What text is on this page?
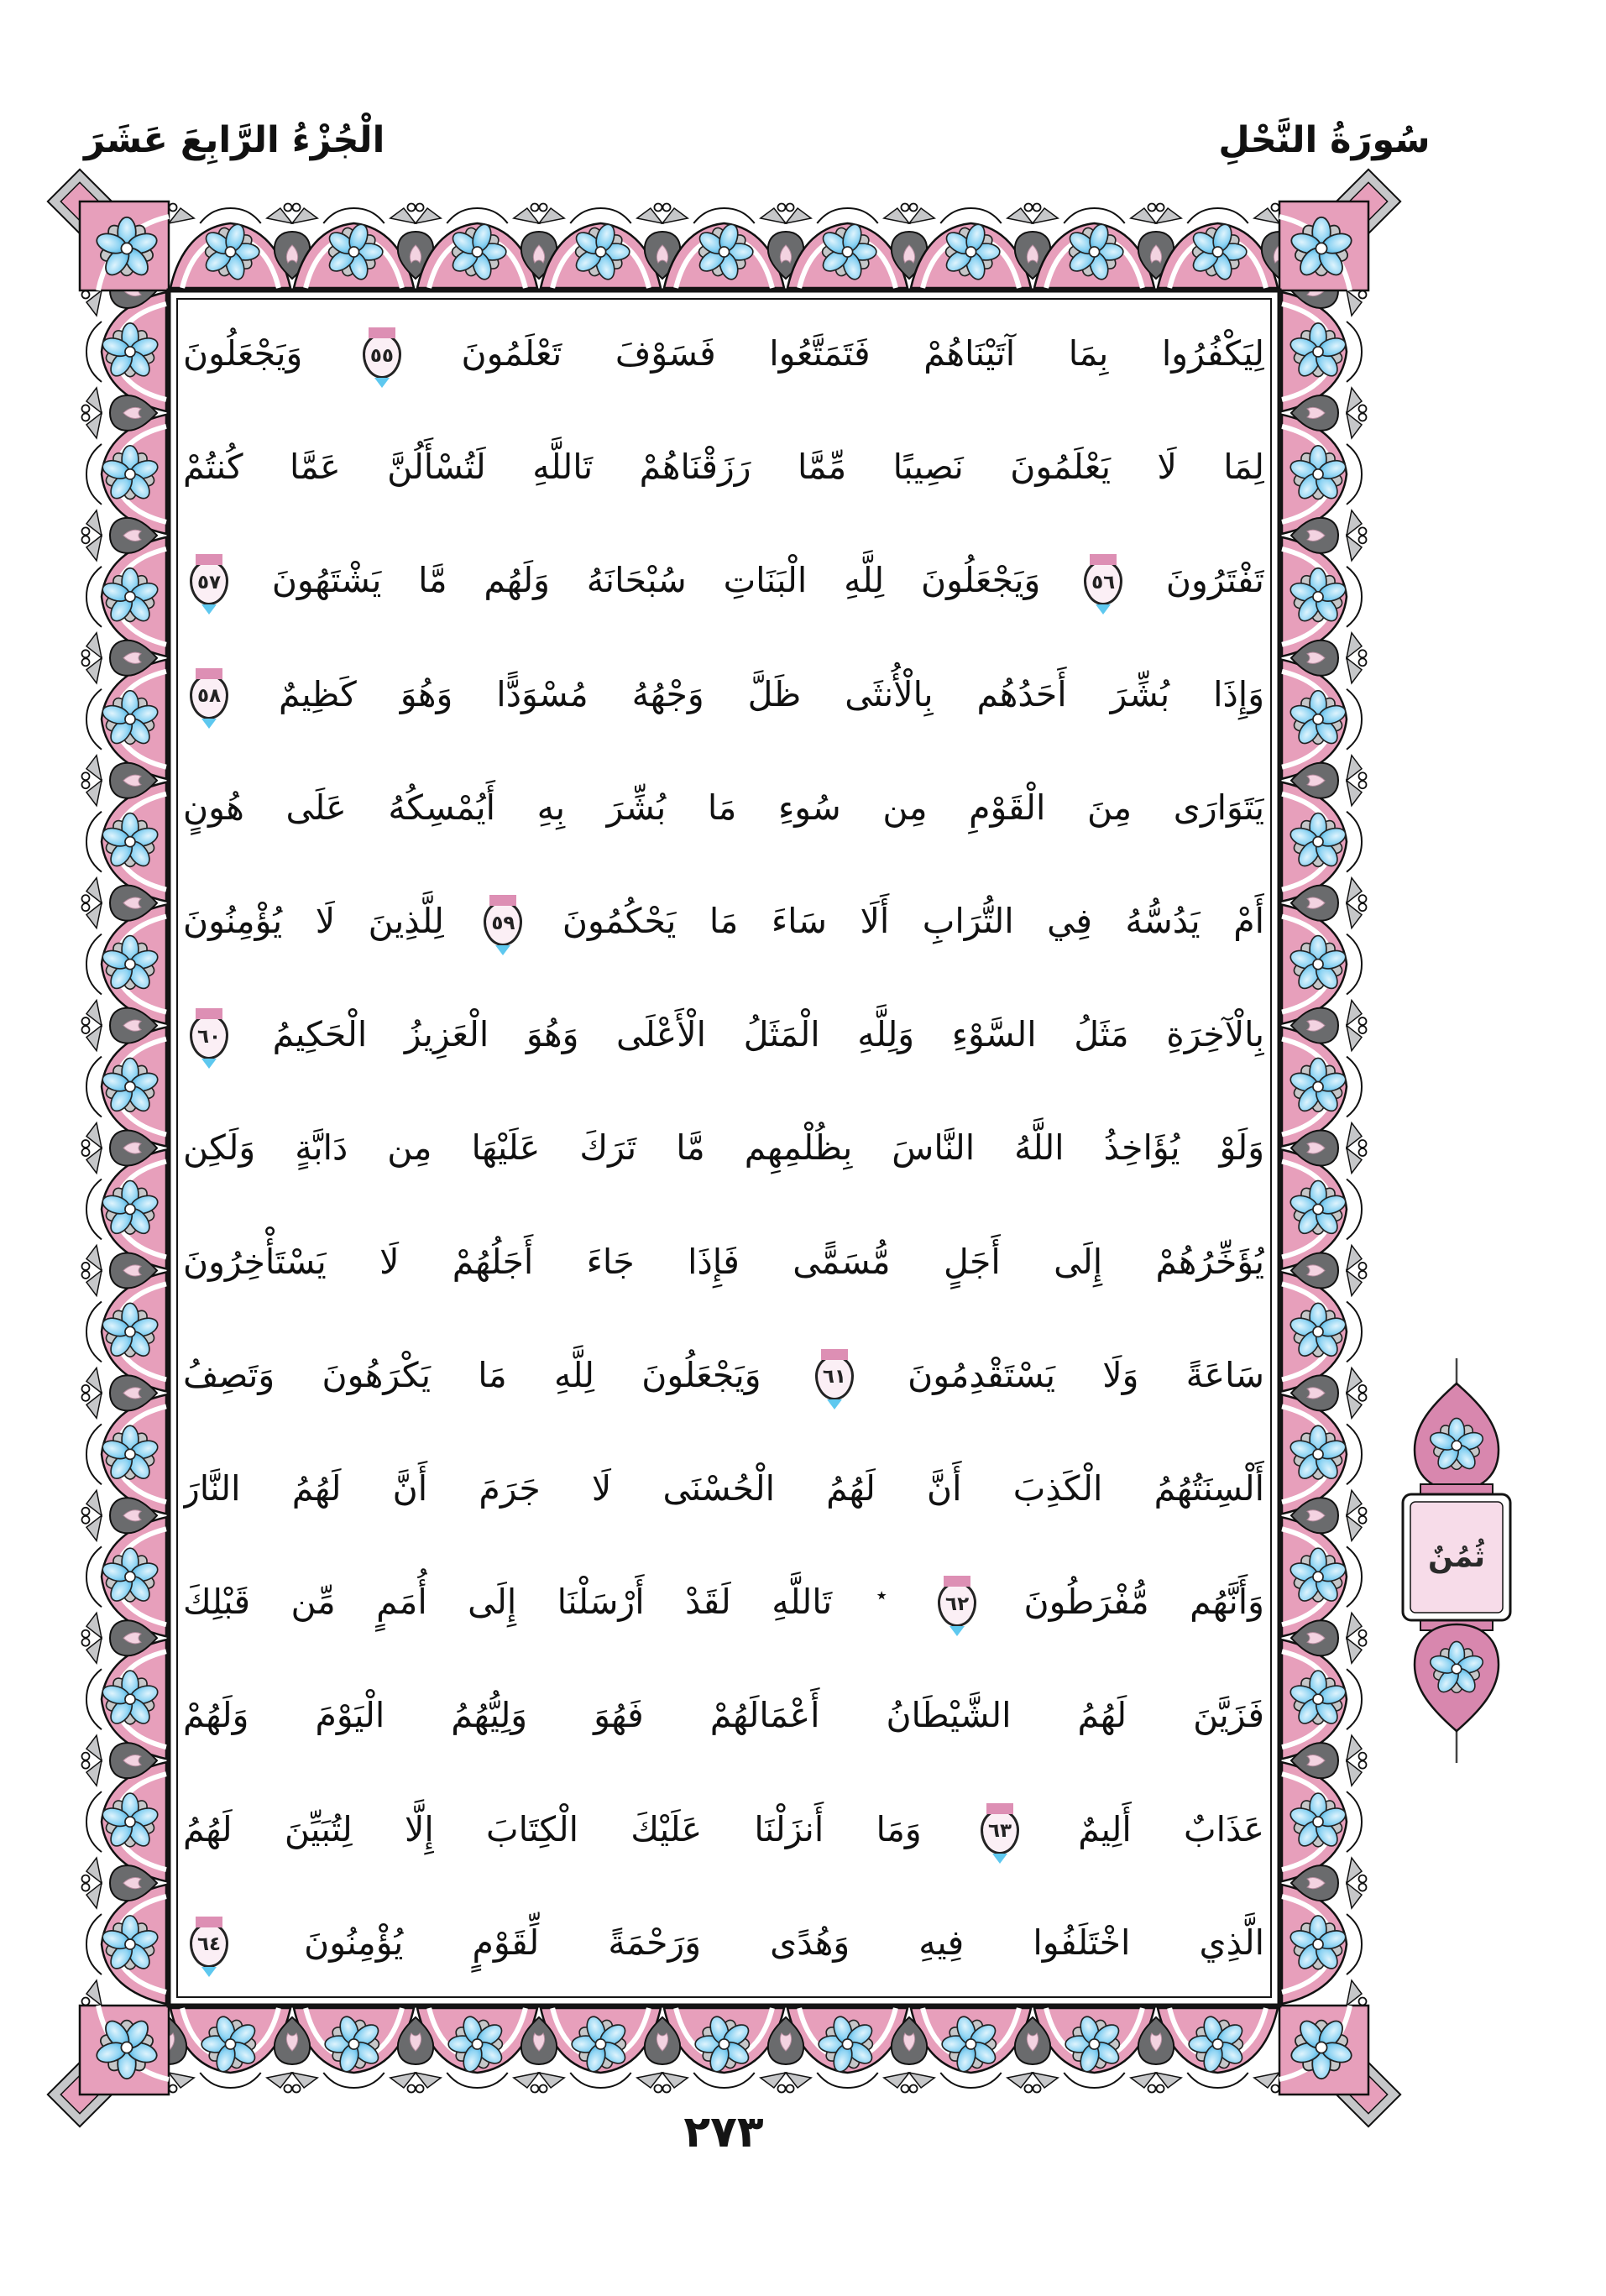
الْجُزْءُ الرَّابِعَ عَشَرَ	سُورَةُ النَّحْلِ
لِيَكْفُرُوا بِمَا آتَيْنَاهُمْ فَتَمَتَّعُوا فَسَوْفَ تَعْلَمُونَ
٥٥
وَيَجْعَلُونَ
لِمَا لَا يَعْلَمُونَ نَصِيبًا مِّمَّا رَزَقْنَاهُمْ تَاللَّهِ لَتُسْأَلُنَّ عَمَّا كُنتُمْ
تَفْتَرُونَ
٥٦
وَيَجْعَلُونَ لِلَّهِ الْبَنَاتِ سُبْحَانَهُ وَلَهُم مَّا يَشْتَهُونَ
٥٧
وَإِذَا بُشِّرَ أَحَدُهُم بِالْأُنثَى ظَلَّ وَجْهُهُ مُسْوَدًّا وَهُوَ كَظِيمٌ
٥٨
يَتَوَارَى مِنَ الْقَوْمِ مِن سُوءِ مَا بُشِّرَ بِهِ أَيُمْسِكُهُ عَلَى هُونٍ
أَمْ يَدُسُّهُ فِي التُّرَابِ أَلَا سَاءَ مَا يَحْكُمُونَ
٥٩
لِلَّذِينَ لَا يُؤْمِنُونَ
بِالْآخِرَةِ مَثَلُ السَّوْءِ وَلِلَّهِ الْمَثَلُ الْأَعْلَى وَهُوَ الْعَزِيزُ الْحَكِيمُ
٦٠
وَلَوْ يُؤَاخِذُ اللَّهُ النَّاسَ بِظُلْمِهِم مَّا تَرَكَ عَلَيْهَا مِن دَابَّةٍ وَلَكِن
يُؤَخِّرُهُمْ إِلَى أَجَلٍ مُّسَمًّى فَإِذَا جَاءَ أَجَلُهُمْ لَا يَسْتَأْخِرُونَ
سَاعَةً وَلَا يَسْتَقْدِمُونَ
٦١
وَيَجْعَلُونَ لِلَّهِ مَا يَكْرَهُونَ وَتَصِفُ
أَلْسِنَتُهُمُ الْكَذِبَ أَنَّ لَهُمُ الْحُسْنَى لَا جَرَمَ أَنَّ لَهُمُ النَّارَ
وَأَنَّهُم مُّفْرَطُونَ
٦٢
٭ تَاللَّهِ لَقَدْ أَرْسَلْنَا إِلَى أُمَمٍ مِّن قَبْلِكَ
فَزَيَّنَ لَهُمُ الشَّيْطَانُ أَعْمَالَهُمْ فَهُوَ وَلِيُّهُمُ الْيَوْمَ وَلَهُمْ
عَذَابٌ أَلِيمٌ
٦٣
وَمَا أَنزَلْنَا عَلَيْكَ الْكِتَابَ إِلَّا لِتُبَيِّنَ لَهُمُ
الَّذِي اخْتَلَفُوا فِيهِ وَهُدًى وَرَحْمَةً لِّقَوْمٍ يُؤْمِنُونَ
٦٤
ثُمُنٌ
٢٧٣
